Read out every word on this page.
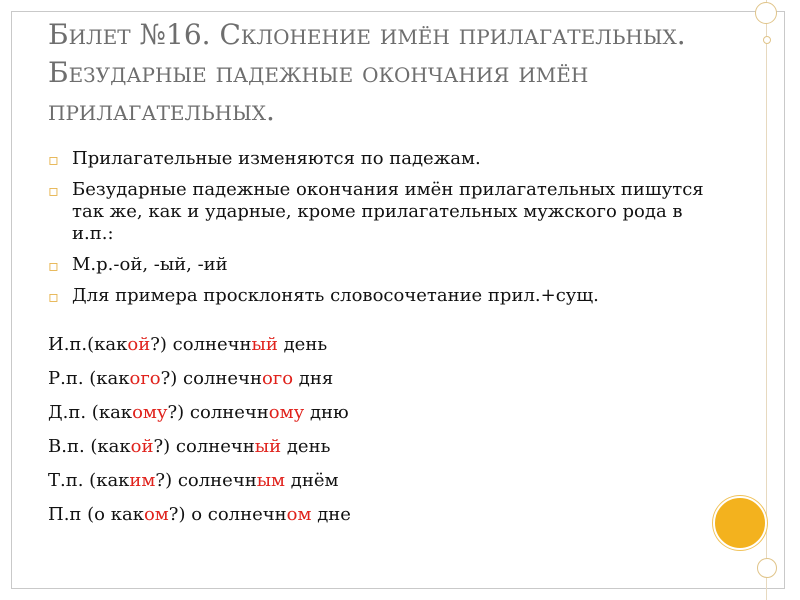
Билет №16. Склонение имён прилагательных.
Безударные падежные окончания имён
прилагательных.
▫ Прилагательные изменяются по падежам.
▫ Безударные падежные окончания имён прилагательных пишутся так же, как и ударные, кроме прилагательных мужского рода в и.п.:
▫ М.р.-ой, -ый, -ий
▫ Для примера просклонять словосочетание прил.+сущ.
И.п.(какой?) солнечный день
Р.п. (какого?) солнечного дня
Д.п. (какому?) солнечному дню
В.п. (какой?) солнечный день
Т.п. (каким?) солнечным днём
П.п (о каком?) о солнечном дне
